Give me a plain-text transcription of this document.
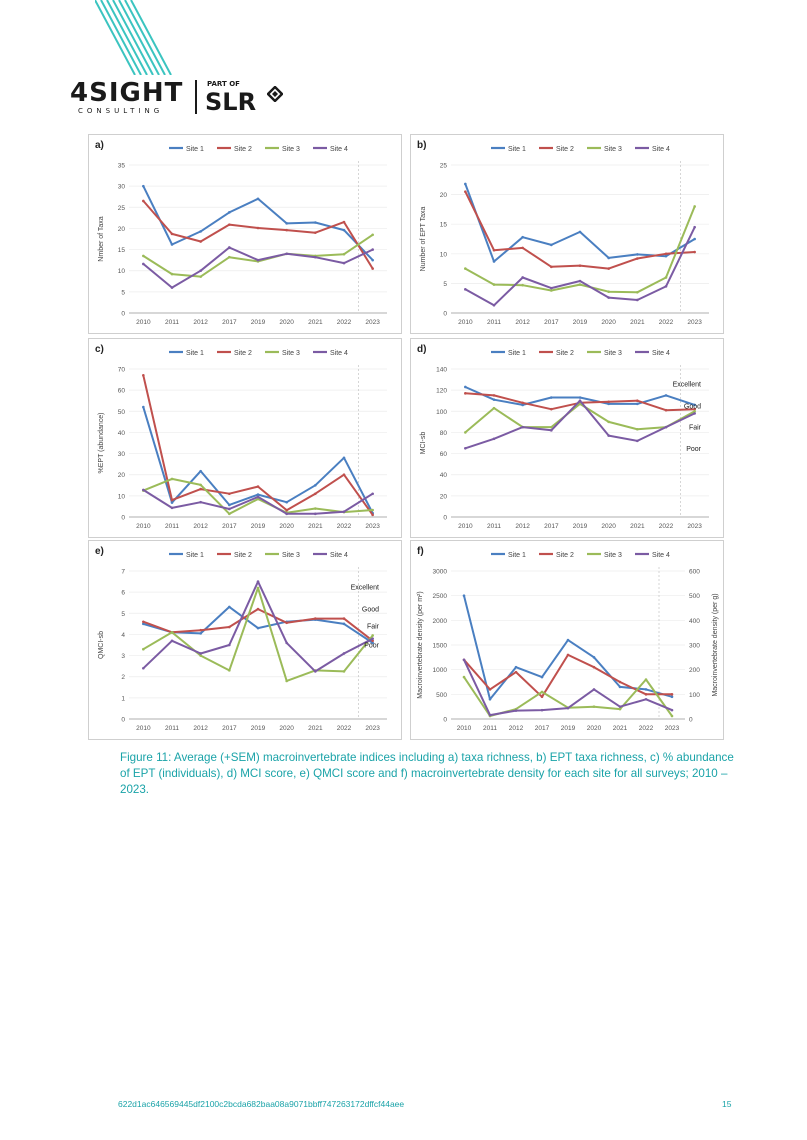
4SIGHT
CONSULTING
PART OF
SLR
a)	Site 1	Site 2	Site 3	Site 4
0
5
10
15
20
25
30
35
Nmber of Taxa
2010 2011 2012 2017 2019 2020 2021 2022 2023
b)	Site 1	Site 2	Site 3	Site 4
0
5
10
15
20
25
Number of EPT Taxa
2010 2011 2012 2017 2019 2020 2021 2022 2023
c)	Site 1	Site 2	Site 3	Site 4
0
10
20
30
40
50
60
70
%EPT (abundance)
2010 2011 2012 2017 2019 2020 2021 2022 2023
d)	Site 1	Site 2	Site 3	Site 4
0
20
40
60
80
100
120
140
MCI-sb
2010 2011 2012 2017 2019 2020 2021 2022 2023
Excellent
Good
Fair
Poor
e)	Site 1	Site 2	Site 3	Site 4
0
1
2
3
4
5
6
7
QMCI-sb
2010 2011 2012 2017 2019 2020 2021 2022 2023
Excellent
Good
Fair
Poor
f)	Site 1	Site 2	Site 3	Site 4
0
500
1000
1500
2000
2500
3000
Macroinvertebrate density (per m²)
0
100
200
300
400
500
600
Macroinvertebrate density (per g)
2010 2011 2012 2017 2019 2020 2021 2022 2023
Figure 11: Average (+SEM) macroinvertebrate indices including a) taxa richness, b) EPT taxa richness, c) % abundance of EPT (individuals), d) MCI score, e) QMCI score and f) macroinvertebrate density for each site for all surveys; 2010 – 2023.
622d1ac646569445df2100c2bcda682baa08a9071bbff747263172dffcf44aee	15
